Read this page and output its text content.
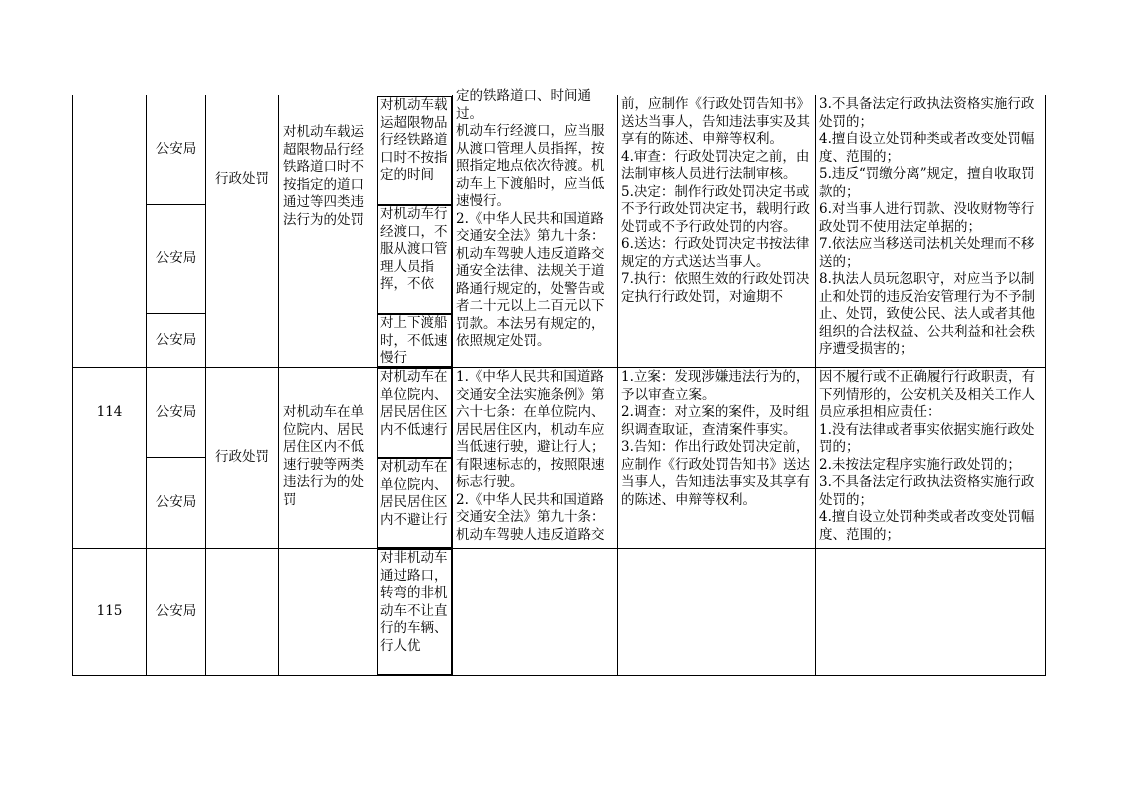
公安局
公安局
公安局
行政处罚
对机动车载运超限物品行经铁路道口时不按指定的道口通过等四类违法行为的处罚
对机动车载运超限物品行经铁路道口时不按指定的时间
对机动车行经渡口，不服从渡口管理人员指挥，不依
对上下渡船时，不低速慢行
定的铁路道口、时间通过。
机动车行经渡口，应当服从渡口管理人员指挥，按照指定地点依次待渡。机动车上下渡船时，应当低速慢行。
2.《中华人民共和国道路交通安全法》第九十条：机动车驾驶人违反道路交通安全法律、法规关于道路通行规定的，处警告或者二十元以上二百元以下罚款。本法另有规定的，依照规定处罚。
前，应制作《行政处罚告知书》送达当事人，告知违法事实及其享有的陈述、申辩等权利。
4.审查：行政处罚决定之前，由法制审核人员进行法制审核。
5.决定：制作行政处罚决定书或不予行政处罚决定书，载明行政处罚或不予行政处罚的内容。
6.送达：行政处罚决定书按法律规定的方式送达当事人。
7.执行：依照生效的行政处罚决定执行行政处罚，对逾期不
3.不具备法定行政执法资格实施行政处罚的；
4.擅自设立处罚种类或者改变处罚幅度、范围的；
5.违反“罚缴分离”规定，擅自收取罚款的；
6.对当事人进行罚款、没收财物等行政处罚不使用法定单据的；
7.依法应当移送司法机关处理而不移送的；
8.执法人员玩忽职守，对应当予以制止和处罚的违反治安管理行为不予制止、处罚，致使公民、法人或者其他组织的合法权益、公共利益和社会秩序遭受损害的；
114	公安局
公安局
行政处罚
对机动车在单位院内、居民居住区内不低速行驶等两类违法行为的处罚
对机动车在单位院内、居民居住区内不低速行
对机动车在单位院内、居民居住区内不避让行
1.《中华人民共和国道路交通安全法实施条例》第六十七条：在单位院内、居民居住区内，机动车应当低速行驶，避让行人；有限速标志的，按照限速标志行驶。
2.《中华人民共和国道路交通安全法》第九十条：机动车驾驶人违反道路交
1.立案：发现涉嫌违法行为的，予以审查立案。
2.调查：对立案的案件，及时组织调查取证，查清案件事实。
3.告知：作出行政处罚决定前，应制作《行政处罚告知书》送达当事人，告知违法事实及其享有的陈述、申辩等权利。
因不履行或不正确履行行政职责，有下列情形的，公安机关及相关工作人员应承担相应责任：
1.没有法律或者事实依据实施行政处罚的；
2.未按法定程序实施行政处罚的；
3.不具备法定行政执法资格实施行政处罚的；
4.擅自设立处罚种类或者改变处罚幅度、范围的；
115	公安局
对非机动车通过路口，转弯的非机动车不让直行的车辆、行人优
